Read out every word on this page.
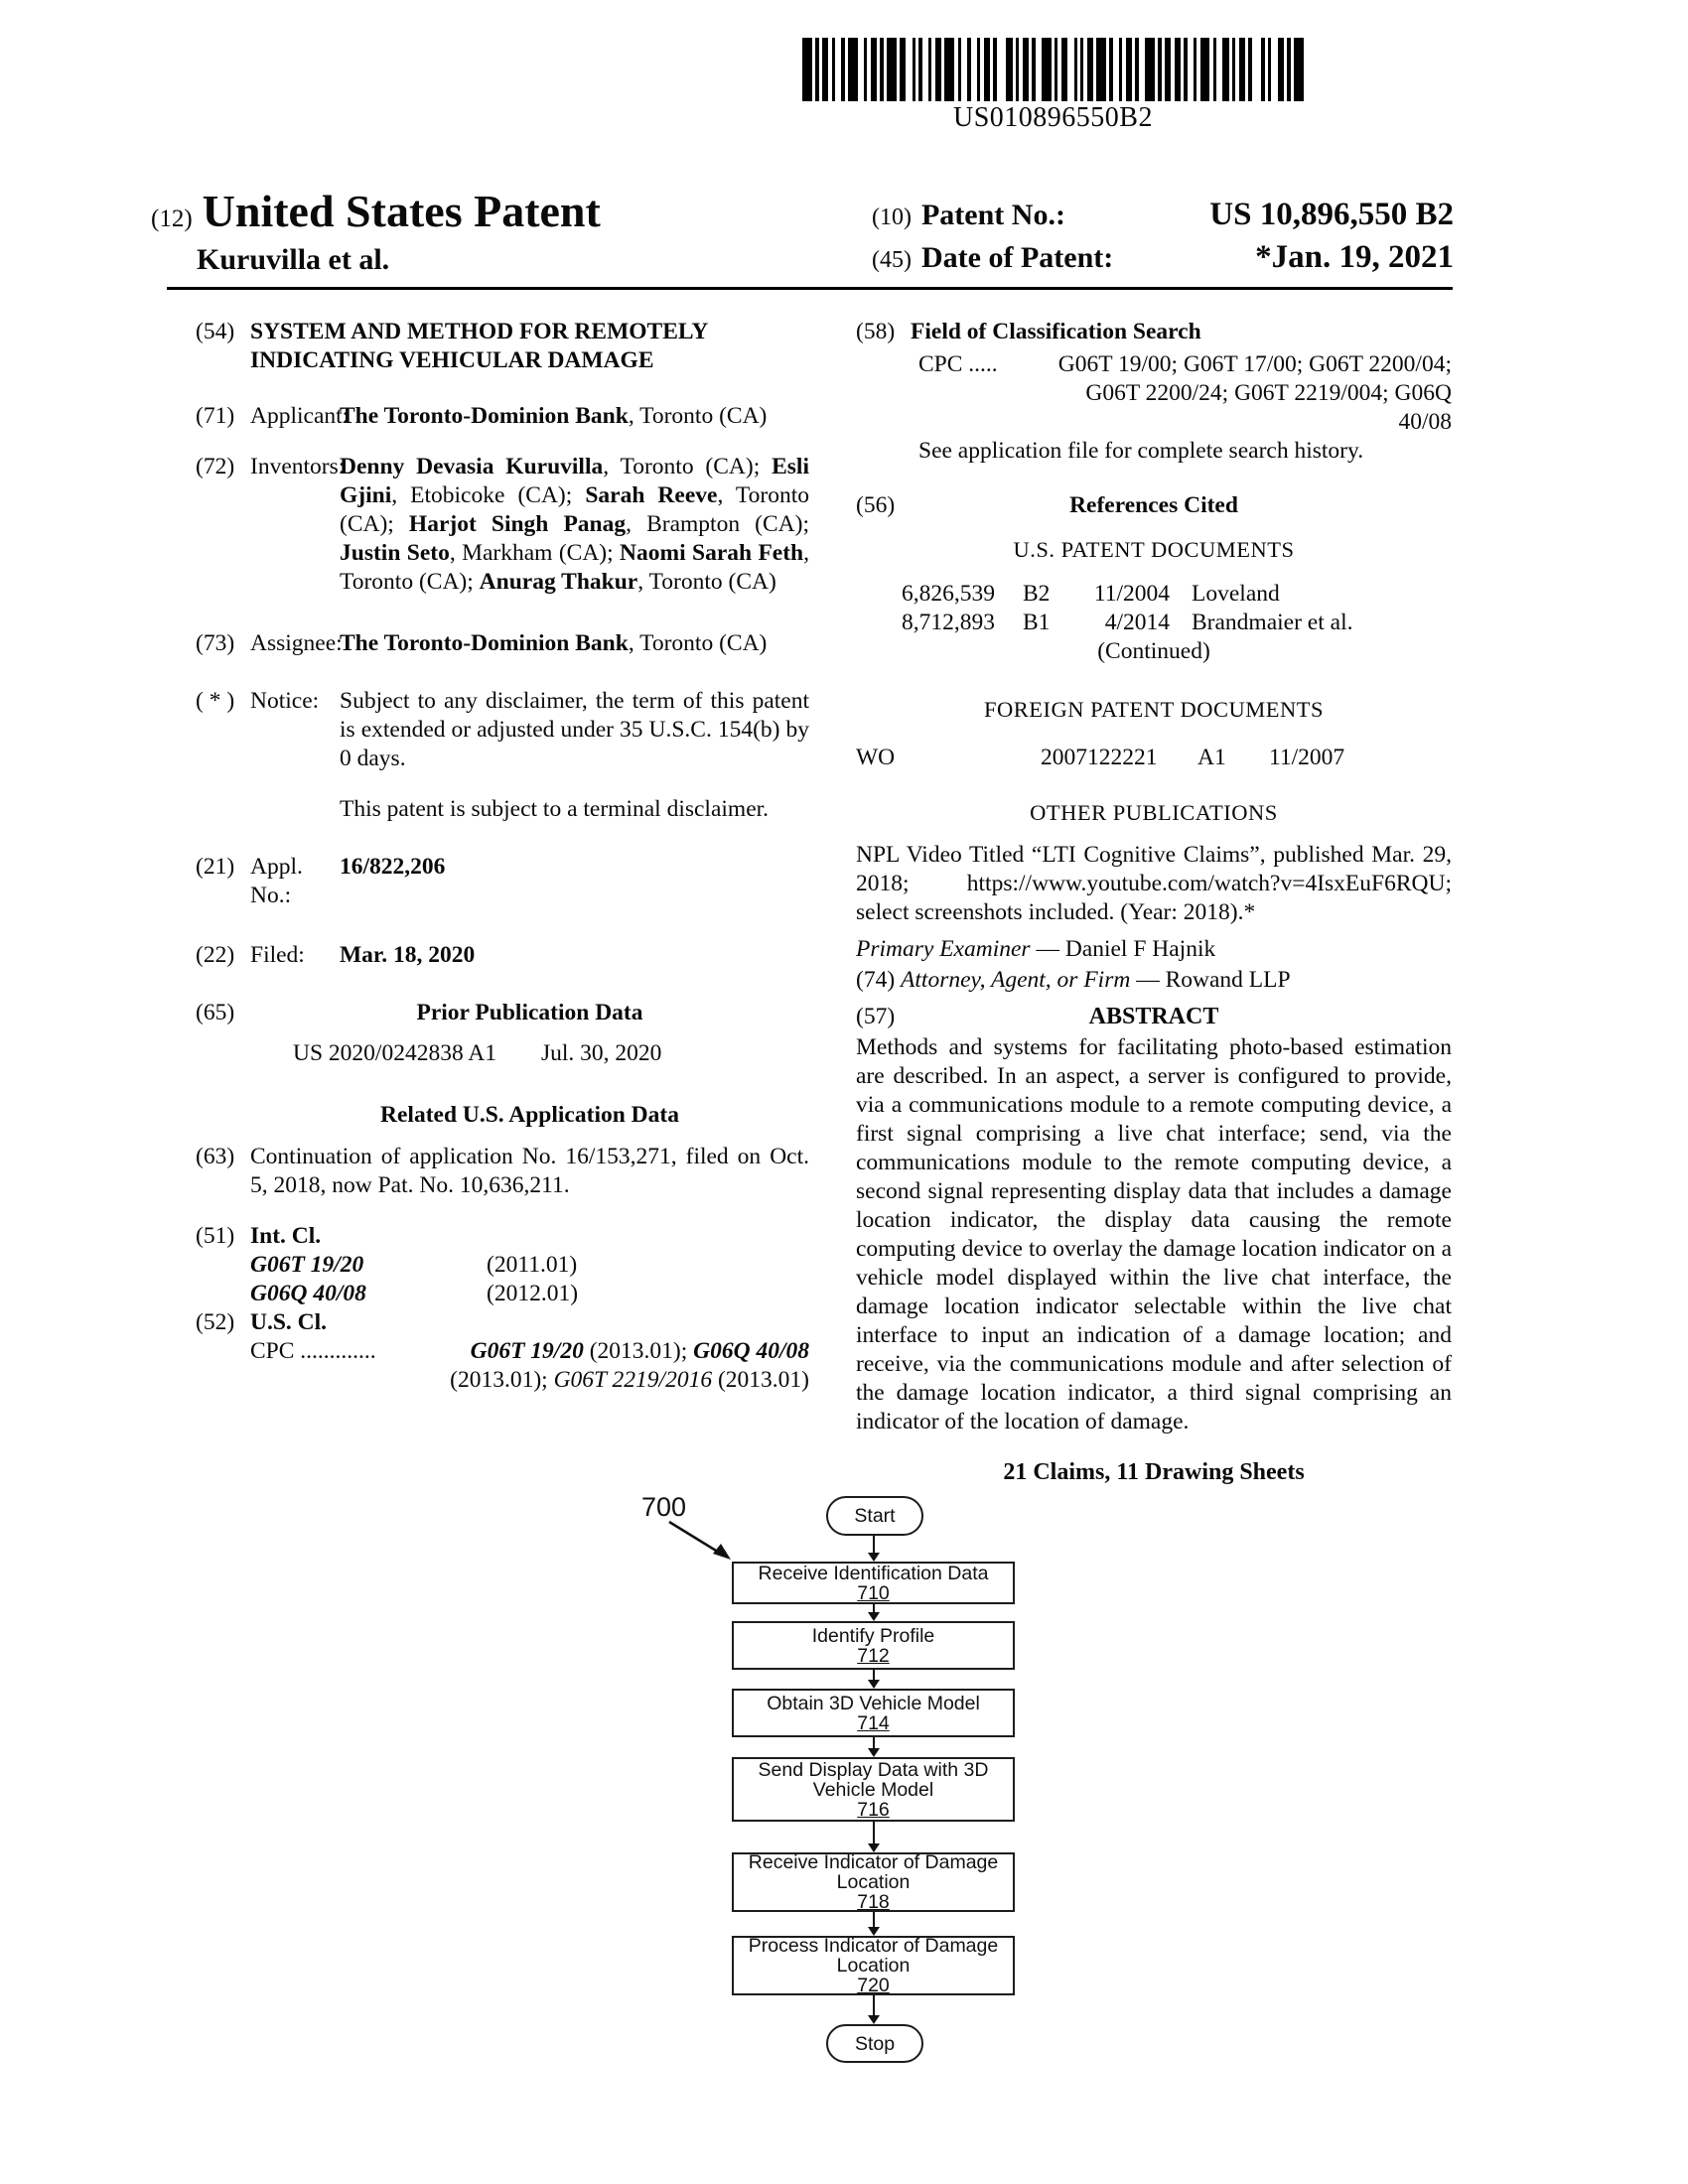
US010896550B2
(12) United States Patent
Kuruvilla et al.
(10) Patent No.:	US 10,896,550 B2
(45) Date of Patent:	*Jan. 19, 2021
(54) SYSTEM AND METHOD FOR REMOTELY INDICATING VEHICULAR DAMAGE
(71) Applicant:
The Toronto-Dominion Bank, Toronto (CA)
(72) Inventors:
Denny Devasia Kuruvilla, Toronto (CA); Esli Gjini, Etobicoke (CA); Sarah Reeve, Toronto (CA); Harjot Singh Panag, Brampton (CA); Justin Seto, Markham (CA); Naomi Sarah Feth, Toronto (CA); Anurag Thakur, Toronto (CA)
(73) Assignee:
The Toronto-Dominion Bank, Toronto (CA)
( * ) Notice: Subject to any disclaimer, the term of this patent is extended or adjusted under 35 U.S.C. 154(b) by 0 days.
This patent is subject to a terminal disclaimer.
(21) Appl. No.:
16/822,206
(22) Filed:	Mar. 18, 2020
(65)	Prior Publication Data
US 2020/0242838 A1	Jul. 30, 2020
Related U.S. Application Data
(63) Continuation of application No. 16/153,271, filed on Oct. 5, 2018, now Pat. No. 10,636,211.
(51) Int. Cl.
G06T 19/20	(2011.01)
G06Q 40/08	(2012.01)
(52) U.S. Cl.
CPC .............	G06T 19/20 (2013.01); G06Q 40/08
(2013.01); G06T 2219/2016 (2013.01)
(58) Field of Classification Search
CPC .....	G06T 19/00; G06T 17/00; G06T 2200/04;
G06T 2200/24; G06T 2219/004; G06Q
40/08
See application file for complete search history.
(56)	References Cited
U.S. PATENT DOCUMENTS
6,826,539	B2	11/2004 Loveland
8,712,893	B1	4/2014 Brandmaier et al.
(Continued)
FOREIGN PATENT DOCUMENTS
WO	2007122221	A1	11/2007
OTHER PUBLICATIONS
NPL Video Titled “LTI Cognitive Claims”, published Mar. 29, 2018; https://www.youtube.com/watch?v=4IsxEuF6RQU; select screenshots included. (Year: 2018).*
Primary Examiner — Daniel F Hajnik
(74) Attorney, Agent, or Firm — Rowand LLP
(57)	ABSTRACT
Methods and systems for facilitating photo-based estimation are described. In an aspect, a server is configured to provide, via a communications module to a remote computing device, a first signal comprising a live chat interface; send, via the communications module to the remote computing device, a second signal representing display data that includes a damage location indicator, the display data causing the remote computing device to overlay the damage location indicator on a vehicle model displayed within the live chat interface, the damage location indicator selectable within the live chat interface to input an indication of a damage location; and receive, via the communications module and after selection of the damage location indicator, a third signal comprising an indicator of the location of damage.
21 Claims, 11 Drawing Sheets
700	Start
Receive Identification Data
710
Identify Profile
712
Obtain 3D Vehicle Model
714
Send Display Data with 3D Vehicle Model
716
Receive Indicator of Damage Location
718
Process Indicator of Damage Location
720
Stop
